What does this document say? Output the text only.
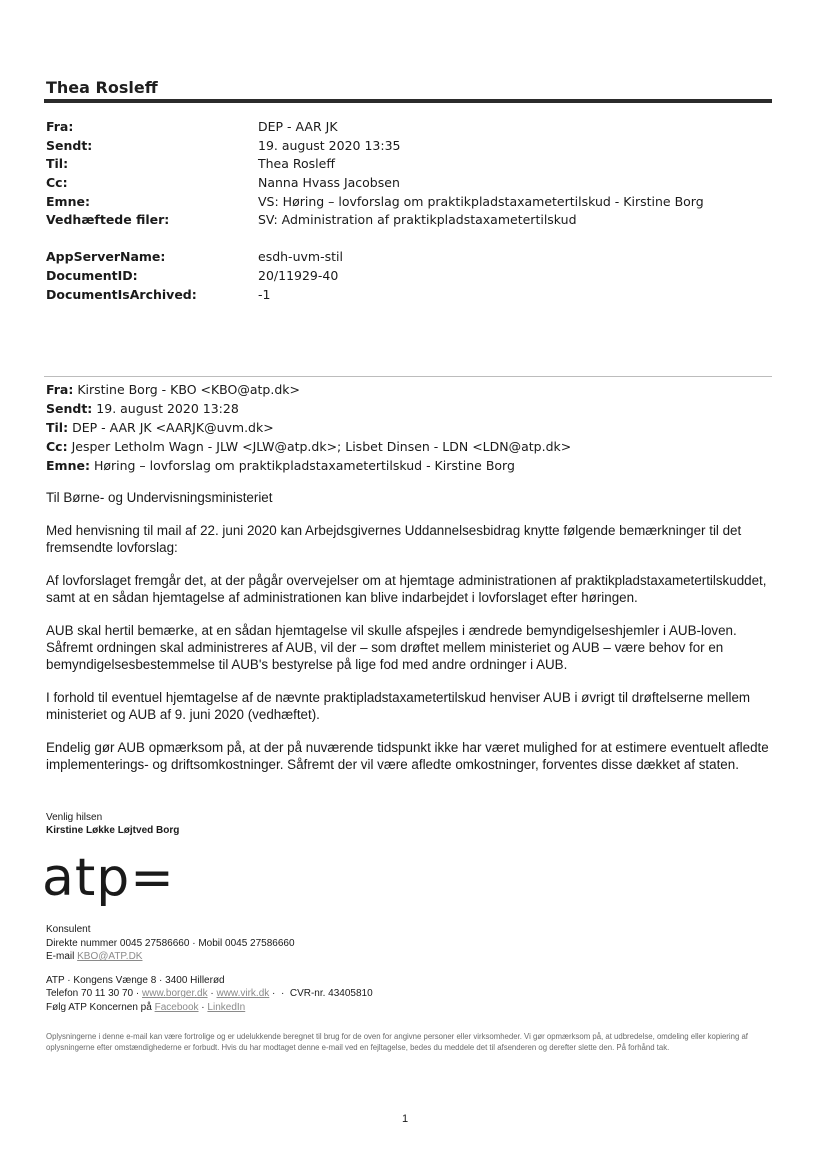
Thea Rosleff
Fra:	DEP - AAR JK
Sendt:	19. august 2020 13:35
Til:	Thea Rosleff
Cc:	Nanna Hvass Jacobsen
Emne:	VS: Høring – lovforslag om praktikpladstaxametertilskud - Kirstine Borg
Vedhæftede filer:	SV: Administration af praktikpladstaxametertilskud
AppServerName:	esdh-uvm-stil
DocumentID:	20/11929-40
DocumentIsArchived:	-1
Fra: Kirstine Borg - KBO <KBO@atp.dk>
Sendt: 19. august 2020 13:28
Til: DEP - AAR JK <AARJK@uvm.dk>
Cc: Jesper Letholm Wagn - JLW <JLW@atp.dk>; Lisbet Dinsen - LDN <LDN@atp.dk>
Emne: Høring – lovforslag om praktikpladstaxametertilskud - Kirstine Borg

Til Børne- og Undervisningsministeriet

Med henvisning til mail af 22. juni 2020 kan Arbejdsgivernes Uddannelsesbidrag knytte følgende bemærkninger til det fremsendte lovforslag:

Af lovforslaget fremgår det, at der pågår overvejelser om at hjemtage administrationen af praktikpladstaxametertilskuddet, samt at en sådan hjemtagelse af administrationen kan blive indarbejdet i lovforslaget efter høringen.

AUB skal hertil bemærke, at en sådan hjemtagelse vil skulle afspejles i ændrede bemyndigelseshjemler i AUB-loven. Såfremt ordningen skal administreres af AUB, vil der – som drøftet mellem ministeriet og AUB – være behov for en bemyndigelsesbestemmelse til AUB's bestyrelse på lige fod med andre ordninger i AUB.

I forhold til eventuel hjemtagelse af de nævnte praktipladstaxametertilskud henviser AUB i øvrigt til drøftelserne mellem ministeriet og AUB af 9. juni 2020 (vedhæftet).

Endelig gør AUB opmærksom på, at der på nuværende tidspunkt ikke har været mulighed for at estimere eventuelt afledte implementerings- og driftsomkostninger. Såfremt der vil være afledte omkostninger, forventes disse dækket af staten.

Venlig hilsen
Kirstine Løkke Løjtved Borg
atp=
Konsulent
Direkte nummer 0045 27586660 · Mobil 0045 27586660
E-mail KBO@ATP.DK
ATP · Kongens Vænge 8 · 3400 Hillerød
Telefon 70 11 30 70 · www.borger.dk · www.virk.dk ·  ·  CVR-nr. 43405810
Følg ATP Koncernen på Facebook · LinkedIn
Oplysningerne i denne e-mail kan være fortrolige og er udelukkende beregnet til brug for de oven for angivne personer eller virksomheder. Vi gør opmærksom på, at udbredelse, omdeling eller kopiering af oplysningerne efter omstændighederne er forbudt. Hvis du har modtaget denne e-mail ved en fejltagelse, bedes du meddele det til afsenderen og derefter slette den. På forhånd tak.
1
